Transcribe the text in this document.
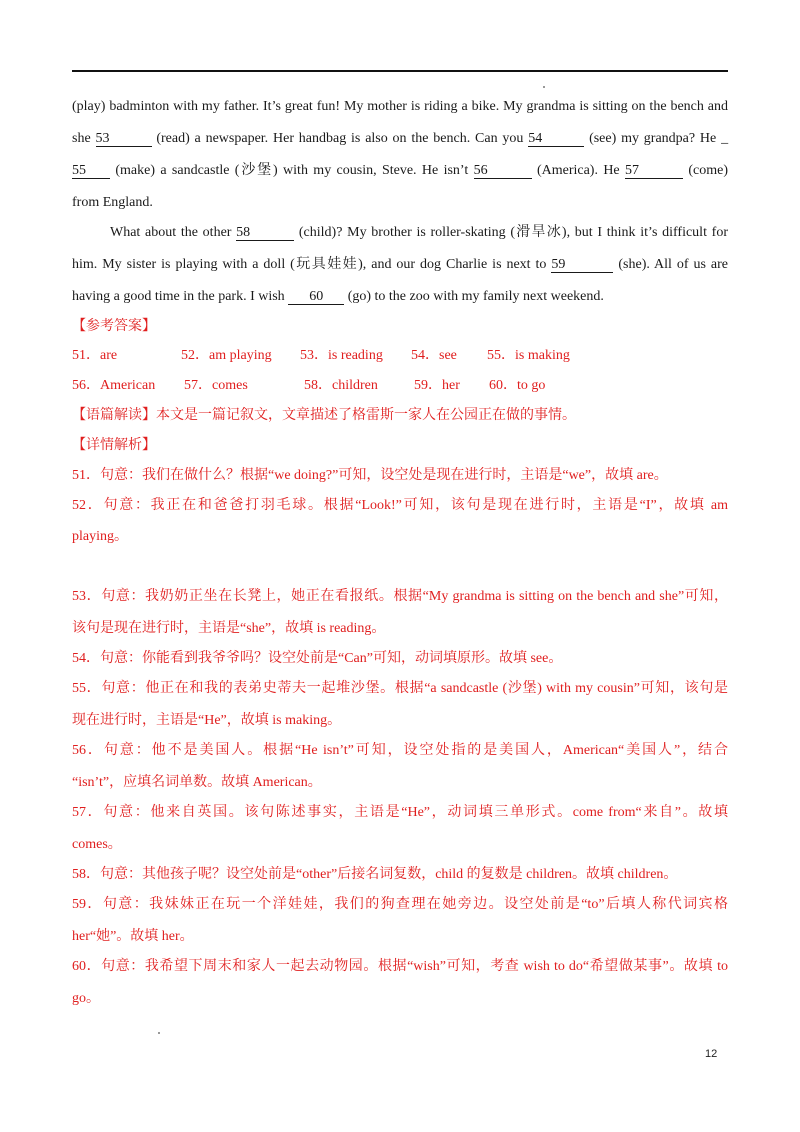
(play) badminton with my father. It’s great fun! My mother is riding a bike. My grandma is sitting on the bench and
she 53	(read) a newspaper. Her handbag is also on the bench. Can you 54	(see) my grandpa? He _
55 (make) a sandcastle (沙堡) with my cousin, Steve. He isn’t 56	(America). He 57	(come)
from England.
What about the other 58	(child)? My brother is roller-skating (滑旱冰), but I think it’s difficult for
him. My sister is playing with a doll (玩具娃娃), and our dog Charlie is next to 59	(she). All of us are
having a good time in the park. I wish 60 (go) to the zoo with my family next weekend.
【参考答案】
51．are	52．am playing 53．is reading 54．see 55．is making
56．American 57．comes	58．children	59．her 60．to go
【语篇解读】本文是一篇记叙文，文章描述了格雷斯一家人在公园正在做的事情。
【详情解析】
51．句意：我们在做什么？根据“we doing?”可知，设空处是现在进行时，主语是“we”，故填 are。
52．句意：我正在和爸爸打羽毛球。根据“Look!”可知，该句是现在进行时，主语是“I”，故填 am
playing。
53．句意：我奶奶正坐在长凳上，她正在看报纸。根据“My grandma is sitting on the bench and she”可知，
该句是现在进行时，主语是“she”，故填 is reading。
54．句意：你能看到我爷爷吗？设空处前是“Can”可知，动词填原形。故填 see。
55．句意：他正在和我的表弟史蒂夫一起堆沙堡。根据“a sandcastle (沙堡) with my cousin”可知，该句是
现在进行时，主语是“He”，故填 is making。
56．句意：他不是美国人。根据“He isn’t”可知，设空处指的是美国人，American“美国人”，结合
“isn’t”，应填名词单数。故填 American。
57．句意：他来自英国。该句陈述事实，主语是“He”，动词填三单形式。come from“来自”。故填
comes。
58．句意：其他孩子呢？设空处前是“other”后接名词复数，child 的复数是 children。故填 children。
59．句意：我妹妹正在玩一个洋娃娃，我们的狗查理在她旁边。设空处前是“to”后填人称代词宾格
her“她”。故填 her。
60．句意：我希望下周末和家人一起去动物园。根据“wish”可知，考查 wish to do“希望做某事”。故填 to
go。
12
